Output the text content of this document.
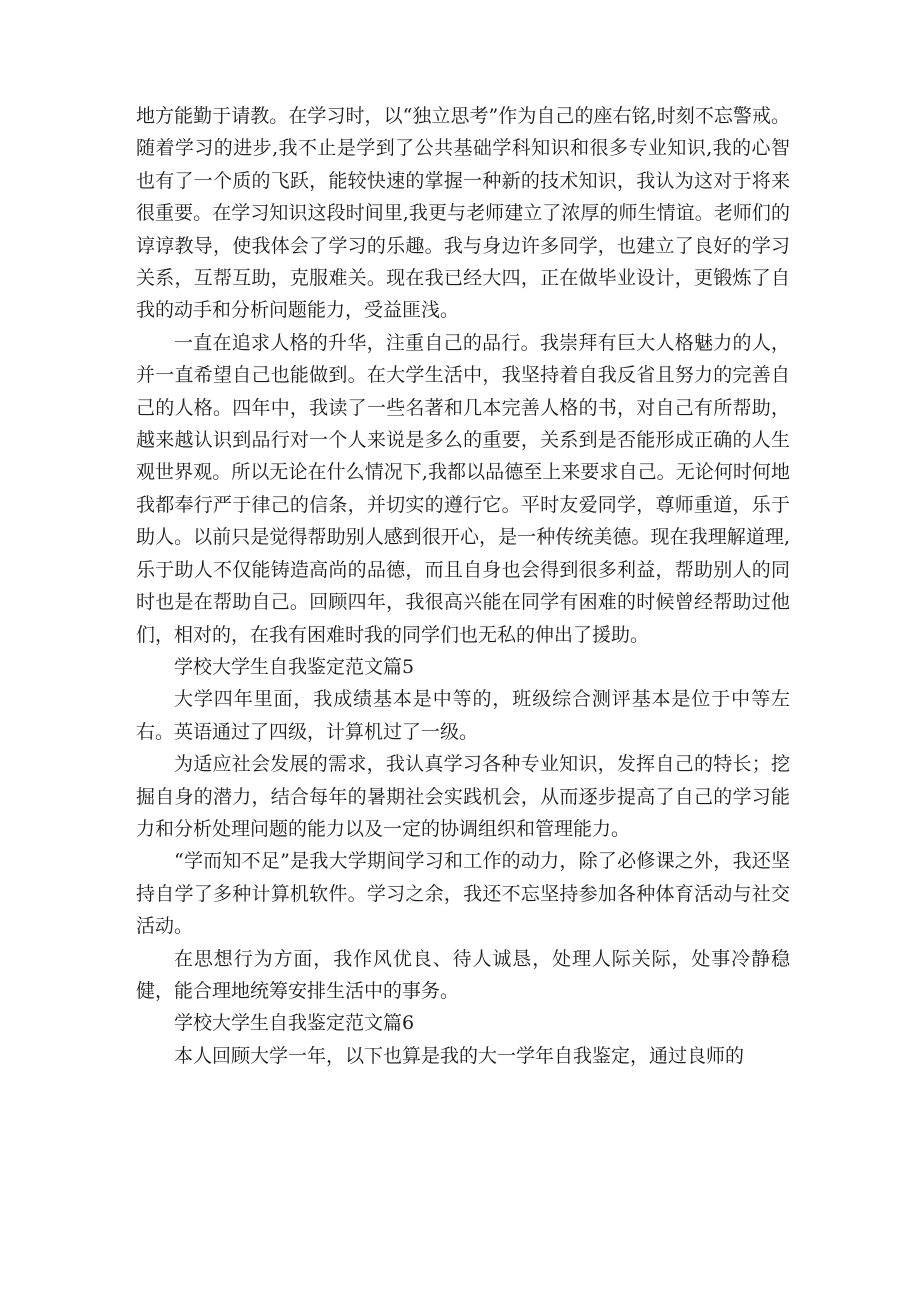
地方能勤于请教。在学习时，以“独立思考”作为自己的座右铭,时刻不忘警戒。随着学习的进步,我不止是学到了公共基础学科知识和很多专业知识,我的心智也有了一个质的飞跃，能较快速的掌握一种新的技术知识，我认为这对于将来很重要。在学习知识这段时间里,我更与老师建立了浓厚的师生情谊。老师们的谆谆教导，使我体会了学习的乐趣。我与身边许多同学，也建立了良好的学习关系，互帮互助，克服难关。现在我已经大四，正在做毕业设计，更锻炼了自我的动手和分析问题能力，受益匪浅。

一直在追求人格的升华，注重自己的品行。我崇拜有巨大人格魅力的人，并一直希望自己也能做到。在大学生活中，我坚持着自我反省且努力的完善自己的人格。四年中，我读了一些名著和几本完善人格的书，对自己有所帮助，越来越认识到品行对一个人来说是多么的重要，关系到是否能形成正确的人生观世界观。所以无论在什么情况下,我都以品德至上来要求自己。无论何时何地我都奉行严于律己的信条，并切实的遵行它。平时友爱同学，尊师重道，乐于助人。以前只是觉得帮助别人感到很开心，是一种传统美德。现在我理解道理,乐于助人不仅能铸造高尚的品德，而且自身也会得到很多利益，帮助别人的同时也是在帮助自己。回顾四年，我很高兴能在同学有困难的时候曾经帮助过他们，相对的，在我有困难时我的同学们也无私的伸出了援助。

学校大学生自我鉴定范文篇5

大学四年里面，我成绩基本是中等的，班级综合测评基本是位于中等左右。英语通过了四级，计算机过了一级。

为适应社会发展的需求，我认真学习各种专业知识，发挥自己的特长；挖掘自身的潜力，结合每年的暑期社会实践机会，从而逐步提高了自己的学习能力和分析处理问题的能力以及一定的协调组织和管理能力。

“学而知不足”是我大学期间学习和工作的动力，除了必修课之外，我还坚持自学了多种计算机软件。学习之余，我还不忘坚持参加各种体育活动与社交活动。

在思想行为方面，我作风优良、待人诚恳，处理人际关际，处事冷静稳健，能合理地统筹安排生活中的事务。

学校大学生自我鉴定范文篇6

本人回顾大学一年，以下也算是我的大一学年自我鉴定，通过良师的
